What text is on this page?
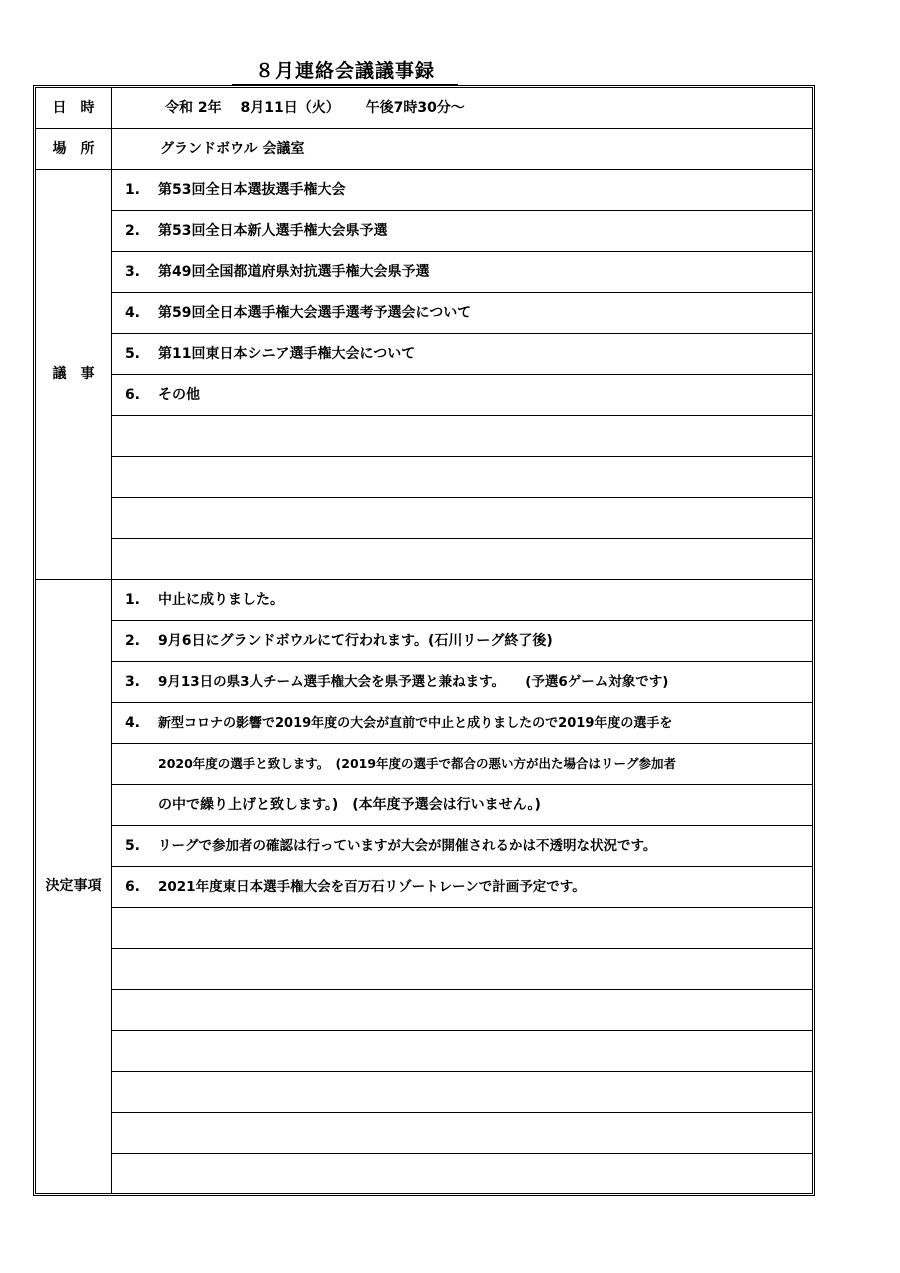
８月連絡会議議事録
日　時	令和 2年　 8月11日（火）　　 午後7時30分～
場　所	グランドボウル 会議室
議　事
1. 第53回全日本選抜選手権大会
2. 第53回全日本新人選手権大会県予選
3. 第49回全国都道府県対抗選手権大会県予選
4. 第59回全日本選手権大会選手選考予選会について
5. 第11回東日本シニア選手権大会について
6. その他
決定事項
1. 中止に成りました。
2. 9月6日にグランドボウルにて行われます。(石川リーグ終了後)
3. 9月13日の県3人チーム選手権大会を県予選と兼ねます。　　(予選6ゲーム対象です)
4. 新型コロナの影響で2019年度の大会が直前で中止と成りましたので2019年度の選手を
2020年度の選手と致します。　(2019年度の選手で都合の悪い方が出た場合はリーグ参加者
の中で繰り上げと致します。)　(本年度予選会は行いません。)
5. リーグで参加者の確認は行っていますが大会が開催されるかは不透明な状況です。
6. 2021年度東日本選手権大会を百万石リゾートレーンで計画予定です。
